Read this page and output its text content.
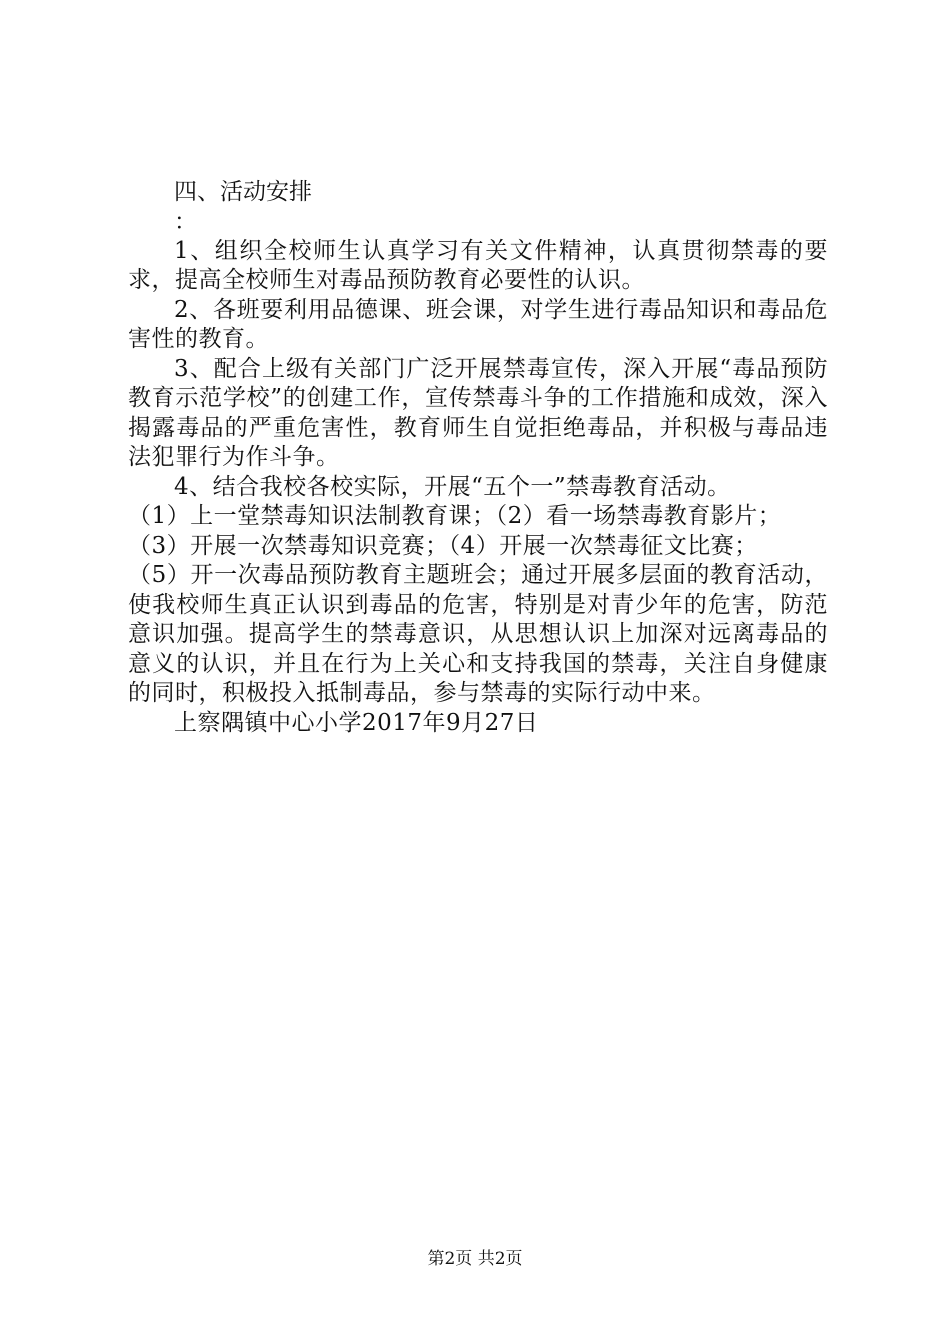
四、活动安排

：

1、组织全校师生认真学习有关文件精神，认真贯彻禁毒的要求，提高全校师生对毒品预防教育必要性的认识。

2、各班要利用品德课、班会课，对学生进行毒品知识和毒品危害性的教育。

3、配合上级有关部门广泛开展禁毒宣传，深入开展“毒品预防教育示范学校”的创建工作，宣传禁毒斗争的工作措施和成效，深入揭露毒品的严重危害性，教育师生自觉拒绝毒品，并积极与毒品违法犯罪行为作斗争。

4、结合我校各校实际，开展“五个一”禁毒教育活动。

（1）上一堂禁毒知识法制教育课；（2）看一场禁毒教育影片；

（3）开展一次禁毒知识竞赛；（4）开展一次禁毒征文比赛；

（5）开一次毒品预防教育主题班会；通过开展多层面的教育活动，使我校师生真正认识到毒品的危害，特别是对青少年的危害，防范意识加强。提高学生的禁毒意识，从思想认识上加深对远离毒品的意义的认识，并且在行为上关心和支持我国的禁毒，关注自身健康的同时，积极投入抵制毒品，参与禁毒的实际行动中来。

上察隅镇中心小学2017年9月27日

第2页 共2页
